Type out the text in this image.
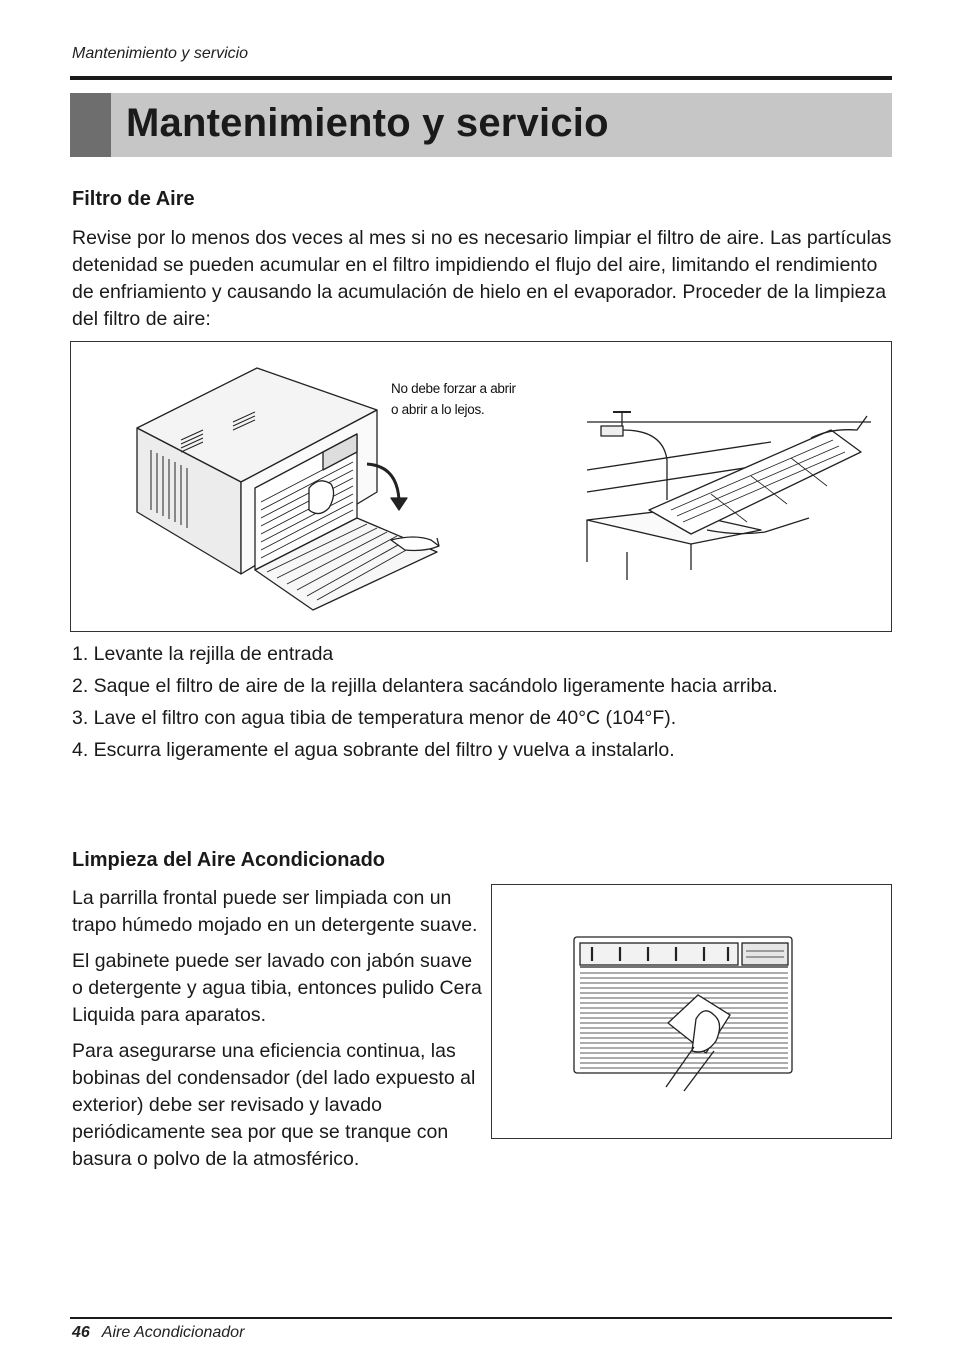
Mantenimiento y servicio
Mantenimiento y servicio
Filtro de Aire

Revise por lo menos dos veces al mes si no es necesario limpiar el filtro de aire. Las partículas detenidad se pueden acumular en el filtro impidiendo el flujo del aire, limitando el rendimiento de enfriamiento y causando la acumulación de hielo en el evaporador. Proceder de la limpieza del filtro de aire:

No debe forzar a abrir
o abrir a lo lejos.
1. Levante la rejilla de entrada
2. Saque el filtro de aire de la rejilla delantera sacándolo ligeramente hacia arriba.
3. Lave el filtro con agua tibia de temperatura menor de 40°C (104°F).
4. Escurra ligeramente el agua sobrante del filtro y vuelva a instalarlo.
Limpieza del Aire Acondicionado

La parrilla frontal puede ser limpiada con un trapo húmedo mojado en un detergente suave.

El gabinete puede ser lavado con jabón suave o detergente y agua tibia, entonces pulido Cera Liquida para aparatos.

Para asegurarse una eficiencia continua, las bobinas del condensador (del lado expuesto al exterior) debe ser revisado y lavado periódicamente sea por que se tranque con basura o polvo de la atmosférico.

46 Aire Acondicionador
